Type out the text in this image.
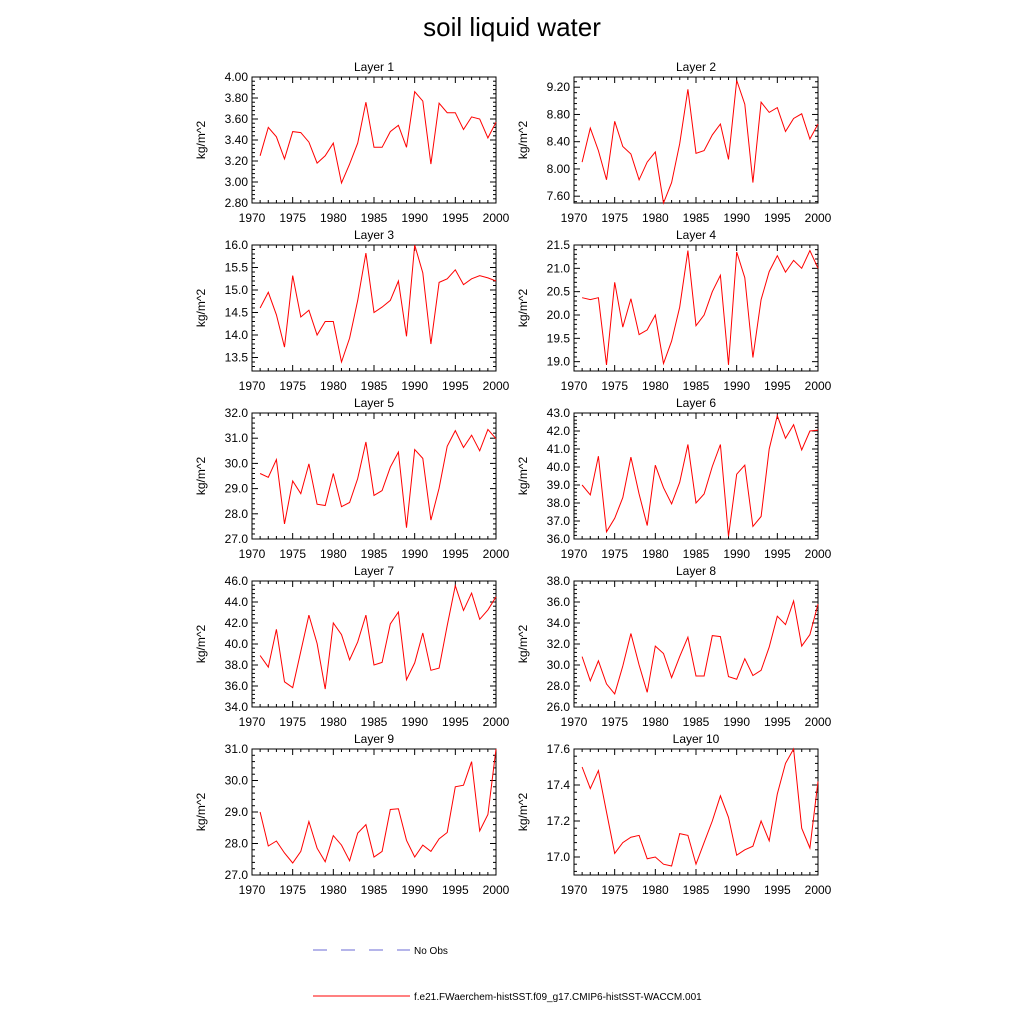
soil liquid water
Layer 1
kg/m^2
1970 1975 1980 1985 1990 1995 2000
2.80
3.00
3.20
3.40
3.60
3.80
4.00
Layer 2
kg/m^2
1970 1975 1980 1985 1990 1995 2000
7.60
8.00
8.40
8.80
9.20
Layer 3
kg/m^2
1970 1975 1980 1985 1990 1995 2000
13.5
14.0
14.5
15.0
15.5
16.0
Layer 4
kg/m^2
1970 1975 1980 1985 1990 1995 2000
19.0
19.5
20.0
20.5
21.0
21.5
Layer 5
kg/m^2
1970 1975 1980 1985 1990 1995 2000
27.0
28.0
29.0
30.0
31.0
32.0
Layer 6
kg/m^2
1970 1975 1980 1985 1990 1995 2000
36.0
37.0
38.0
39.0
40.0
41.0
42.0
43.0
Layer 7
kg/m^2
1970 1975 1980 1985 1990 1995 2000
34.0
36.0
38.0
40.0
42.0
44.0
46.0
Layer 8
kg/m^2
1970 1975 1980 1985 1990 1995 2000
26.0
28.0
30.0
32.0
34.0
36.0
38.0
Layer 9
kg/m^2
1970 1975 1980 1985 1990 1995 2000
27.0
28.0
29.0
30.0
31.0
Layer 10
kg/m^2
1970 1975 1980 1985 1990 1995 2000
17.0
17.2
17.4
17.6
No Obs
f.e21.FWaerchem-histSST.f09_g17.CMIP6-histSST-WACCM.001
